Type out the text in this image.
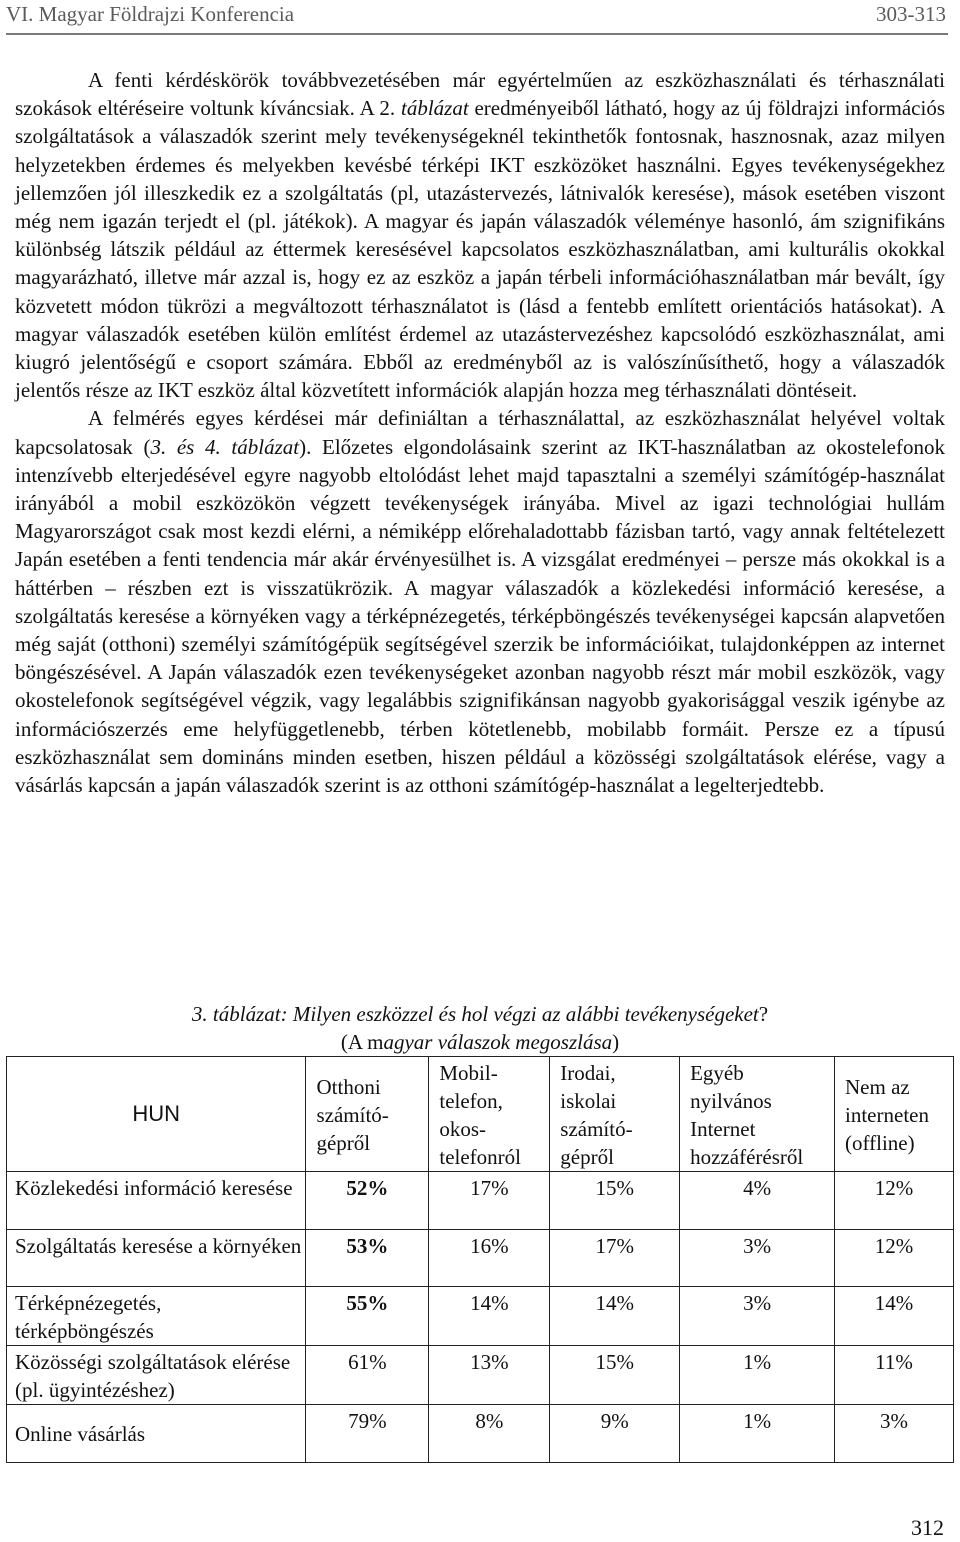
VI. Magyar Földrajzi Konferencia	303-313

A fenti kérdéskörök továbbvezetésében már egyértelműen az eszközhasználati és térhasználati szokások eltéréseire voltunk kíváncsiak. A 2. táblázat eredményeiből látható, hogy az új földrajzi információs szolgáltatások a válaszadók szerint mely tevékenységeknél tekinthetők fontosnak, hasznosnak, azaz milyen helyzetekben érdemes és melyekben kevésbé térképi IKT eszközöket használni. Egyes tevékenységekhez jellemzően jól illeszkedik ez a szolgáltatás (pl, utazástervezés, látnivalók keresése), mások esetében viszont még nem igazán terjedt el (pl. játékok). A magyar és japán válaszadók véleménye hasonló, ám szignifikáns különbség látszik például az éttermek keresésével kapcsolatos eszközhasználatban, ami kulturális okokkal magyarázható, illetve már azzal is, hogy ez az eszköz a japán térbeli információhasználatban már bevált, így közvetett módon tükrözi a megváltozott térhasználatot is (lásd a fentebb említett orientációs hatásokat). A magyar válaszadók esetében külön említést érdemel az utazástervezéshez kapcsolódó eszközhasználat, ami kiugró jelentőségű e csoport számára. Ebből az eredményből az is valószínűsíthető, hogy a válaszadók jelentős része az IKT eszköz által közvetített információk alapján hozza meg térhasználati döntéseit.

A felmérés egyes kérdései már definiáltan a térhasználattal, az eszközhasználat helyével voltak kapcsolatosak (3. és 4. táblázat). Előzetes elgondolásaink szerint az IKT-használatban az okostelefonok intenzívebb elterjedésével egyre nagyobb eltolódást lehet majd tapasztalni a személyi számítógép-használat irányából a mobil eszközökön végzett tevékenységek irányába. Mivel az igazi technológiai hullám Magyarországot csak most kezdi elérni, a némiképp előrehaladottabb fázisban tartó, vagy annak feltételezett Japán esetében a fenti tendencia már akár érvényesülhet is. A vizsgálat eredményei – persze más okokkal is a háttérben – részben ezt is visszatükrözik. A magyar válaszadók a közlekedési információ keresése, a szolgáltatás keresése a környéken vagy a térképnézegetés, térképböngészés tevékenységei kapcsán alapvetően még saját (otthoni) személyi számítógépük segítségével szerzik be információikat, tulajdonképpen az internet böngészésével. A Japán válaszadók ezen tevékenységeket azonban nagyobb részt már mobil eszközök, vagy okostelefonok segítségével végzik, vagy legalábbis szignifikánsan nagyobb gyakorisággal veszik igénybe az információszerzés eme helyfüggetlenebb, térben kötetlenebb, mobilabb formáit. Persze ez a típusú eszközhasználat sem domináns minden esetben, hiszen például a közösségi szolgáltatások elérése, vagy a vásárlás kapcsán a japán válaszadók szerint is az otthoni számítógép-használat a legelterjedtebb.

3. táblázat: Milyen eszközzel és hol végzi az alábbi tevékenységeket?
(A magyar válaszok megoszlása)
HUN	Otthoni számító-gépről	Mobil-telefon, okos-telefonról	Irodai, iskolai számító-gépről	Egyéb nyilvános Internet hozzáférésről	Nem az interneten (offline)
Közlekedési információ keresése	52%	17%	15%	4%	12%
Szolgáltatás keresése a környéken	53%	16%	17%	3%	12%
Térképnézegetés, térképböngészés	55%	14%	14%	3%	14%
Közösségi szolgáltatások elérése (pl. ügyintézéshez)	61%	13%	15%	1%	11%
Online vásárlás	79%	8%	9%	1%	3%
312
